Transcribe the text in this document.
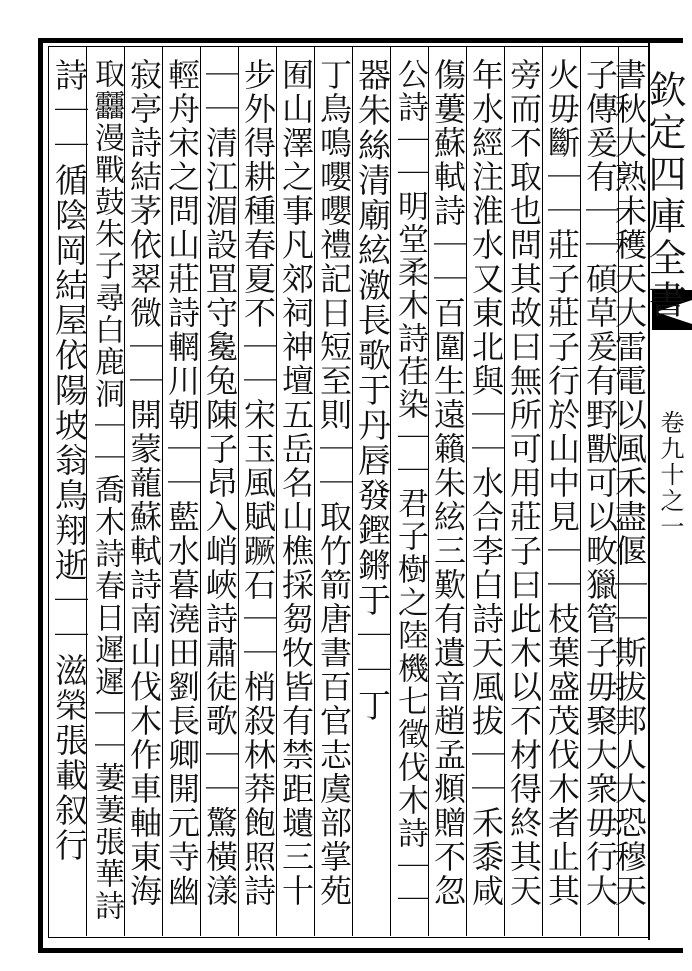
欽定四庫全書
卷九十之一
書秋大熟未穫天大雷電以風禾盡偃｜｜斯拔邦人大恐穆天
子傳爰有｜｜碩草爰有野獸可以畋獵管子毋聚大衆毋行大
火毋斷｜｜莊子莊子行於山中見｜｜枝葉盛茂伐木者止其
旁而不取也問其故曰無所可用莊子曰此木以不材得終其天
年水經注淮水又東北與｜｜水合李白詩天風拔｜｜禾黍咸
傷蔞蘇軾詩｜｜百圍生遠籟朱絃三歎有遺音趙孟頫贈不忽
公詩｜｜明堂柔木詩荏染｜｜君子樹之陸機七徵伐木詩｜｜
器朱絲清廟絃激長歌于丹唇發鏗鏘于｜｜丁
丁鳥鳴嚶嚶禮記日短至則｜｜取竹箭唐書百官志虞部掌苑
囿山澤之事凡郊祠神壇五岳名山樵採芻牧皆有禁距壝三十
步外得耕種春夏不｜｜宋玉風賦蹶石｜｜梢殺林莽飽照詩
｜｜清江湄設罝守毚兔陳子昂入峭峽詩肅徒歌｜｜驚橫漾
輕舟宋之問山莊詩輞川朝｜｜藍水暮澆田劉長卿開元寺幽
寂亭詩結茅依翠微｜｜開蒙蘢蘇軾詩南山伐木作車軸東海
取䨻漫戰鼓朱子尋白鹿洞｜｜喬木詩春日遲遲｜｜萋萋張華詩
詩｜｜循陰岡結屋依陽坡翁鳥翔逝｜｜滋榮張載叙行
